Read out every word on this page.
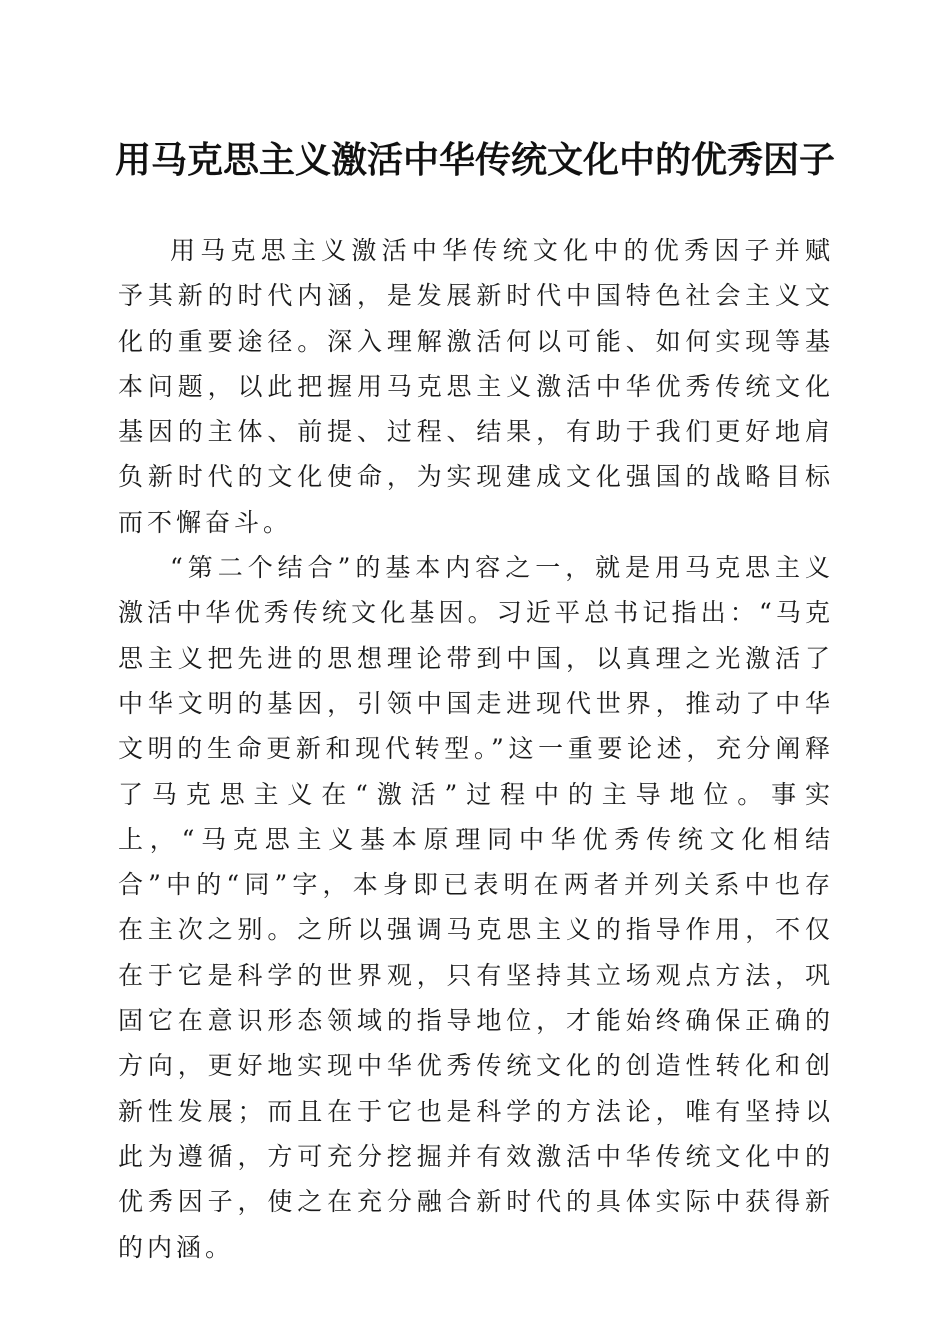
用马克思主义激活中华传统文化中的优秀因子

用马克思主义激活中华传统文化中的优秀因子并赋予其新的时代内涵，是发展新时代中国特色社会主义文化的重要途径。深入理解激活何以可能、如何实现等基本问题，以此把握用马克思主义激活中华优秀传统文化基因的主体、前提、过程、结果，有助于我们更好地肩负新时代的文化使命，为实现建成文化强国的战略目标而不懈奋斗。

“第二个结合”的基本内容之一，就是用马克思主义激活中华优秀传统文化基因。习近平总书记指出：“马克思主义把先进的思想理论带到中国，以真理之光激活了中华文明的基因，引领中国走进现代世界，推动了中华文明的生命更新和现代转型。”这一重要论述，充分阐释了马克思主义在“激活”过程中的主导地位。事实上，“马克思主义基本原理同中华优秀传统文化相结合”中的“同”字，本身即已表明在两者并列关系中也存在主次之别。之所以强调马克思主义的指导作用，不仅在于它是科学的世界观，只有坚持其立场观点方法，巩固它在意识形态领域的指导地位，才能始终确保正确的方向，更好地实现中华优秀传统文化的创造性转化和创新性发展；而且在于它也是科学的方法论，唯有坚持以此为遵循，方可充分挖掘并有效激活中华传统文化中的优秀因子，使之在充分融合新时代的具体实际中获得新的内涵。
